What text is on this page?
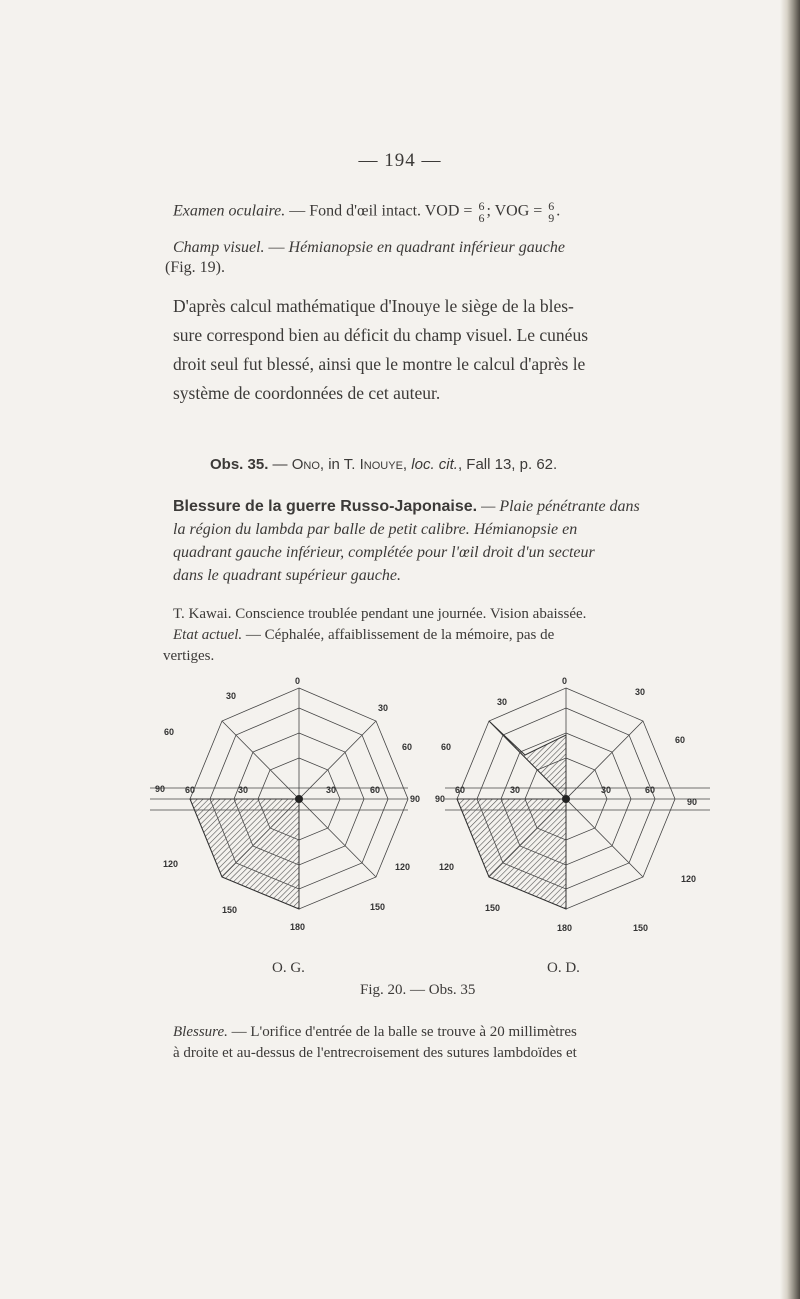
— 194 —
Examen oculaire. — Fond d'œil intact. VOD = 6
6 ; VOG = 6
9 .
Champ visuel. — Hémianopsie en quadrant inférieur gauche
(Fig. 19).
D'après calcul mathématique d'Inouye le siège de la bles-
sure correspond bien au déficit du champ visuel. Le cunéus
droit seul fut blessé, ainsi que le montre le calcul d'après le
système de coordonnées de cet auteur.
Obs. 35. — Ono, in T. Inouye, loc. cit., Fall 13, p. 62.
Blessure de la guerre Russo-Japonaise. — Plaie pénétrante dans
la région du lambda par balle de petit calibre. Hémianopsie en
quadrant gauche inférieur, complétée pour l'œil droit d'un secteur
dans le quadrant supérieur gauche.
T. Kawai. Conscience troublée pendant une journée. Vision abaissée.
Etat actuel. — Céphalée, affaiblissement de la mémoire, pas de
vertiges.
30
0
30
60
90
120
150
180
150
120
90
60
60	30	30	60
30
0
30
60
90
120
150
180	150
120
90
60
60	30	30	60
O. G.	O. D.
Fig. 20. — Obs. 35
Blessure. — L'orifice d'entrée de la balle se trouve à 20 millimètres
à droite et au-dessus de l'entrecroisement des sutures lambdoïdes et
